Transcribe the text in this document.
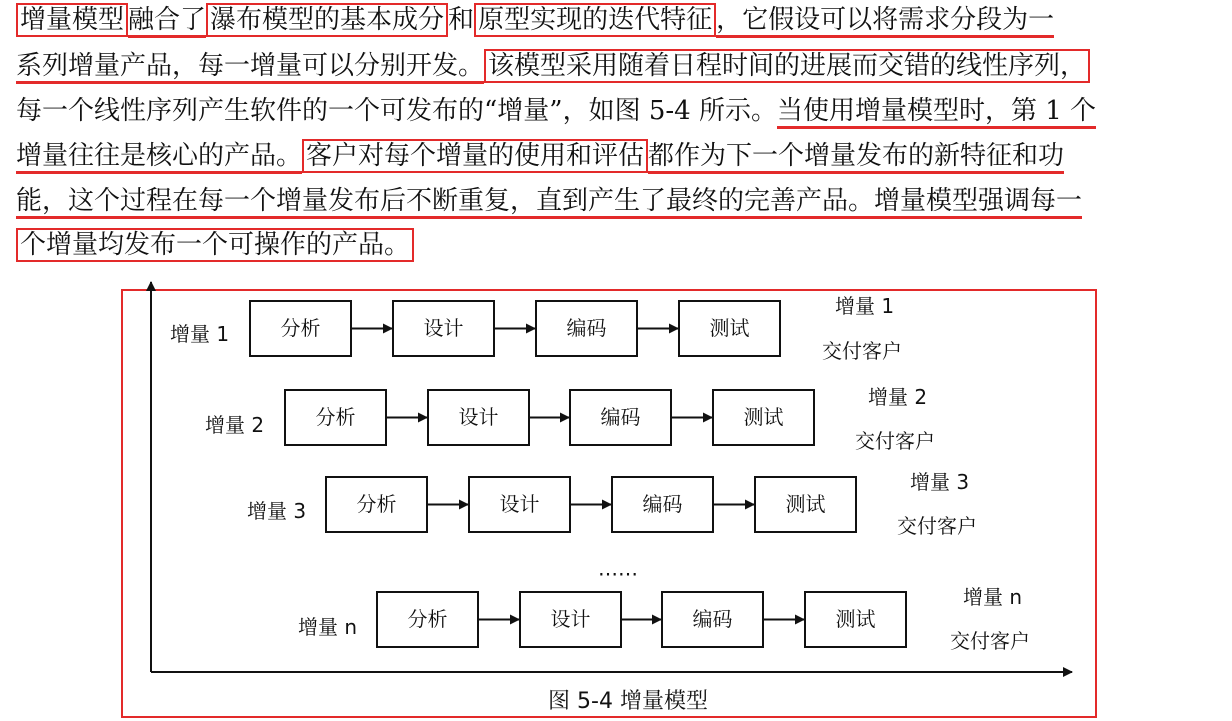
增量模型 融合了 瀑布模型的基本成分 和 原型实现的迭代特征 ，它假设可以将需求分段为一
系列增量产品，每一增量可以分别开发。 该模型采用随着日程时间的进展而交错的线性序列，
每一个线性序列产生软件的一个可发布的“增量”，如图 5-4 所示。当使用增量模型时，第 1 个
增量往往是核心的产品。 客户对每个增量的使用和评估 都作为下一个增量发布的新特征和功
能，这个过程在每一个增量发布后不断重复，直到产生了最终的完善产品。增量模型强调每一
个增量均发布一个可操作的产品。
增量 1	分析	设计	编码	测试
增量 1
交付客户
增量 2	分析	设计	编码	测试
增量 2
交付客户
增量 3	分析	设计	编码	测试
增量 3
交付客户
增量 n	分析	设计	编码	测试
增量 n
交付客户
……
图 5-4 增量模型
